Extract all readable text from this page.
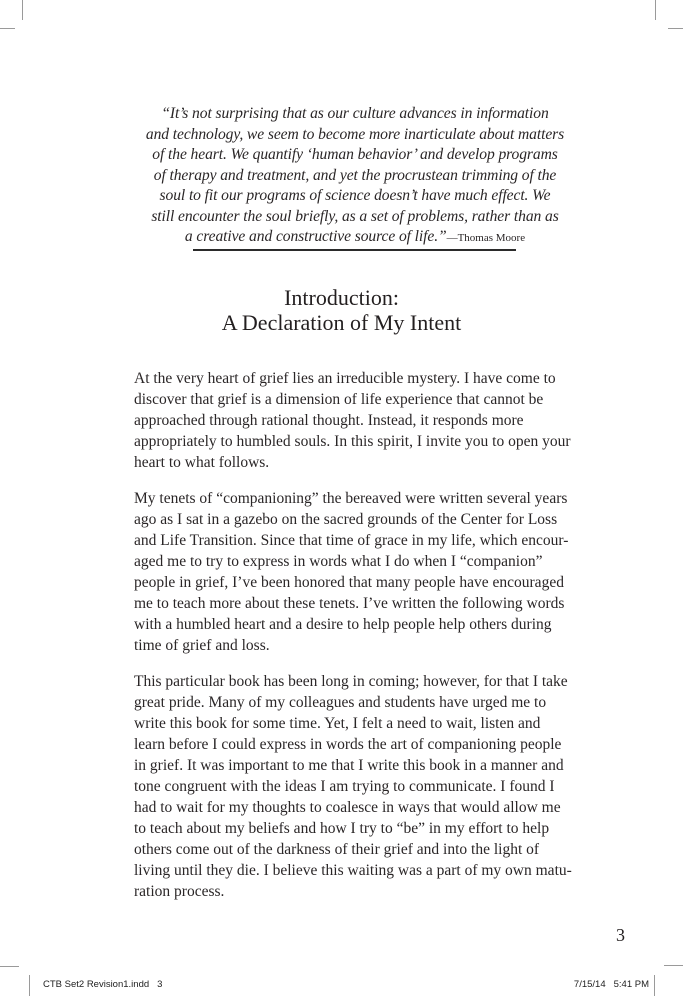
“It’s not surprising that as our culture advances in information
and technology, we seem to become more inarticulate about matters
of the heart. We quantify ‘human behavior’ and develop programs
of therapy and treatment, and yet the procrustean trimming of the
soul to fit our programs of science doesn’t have much effect. We
still encounter the soul briefly, as a set of problems, rather than as
a creative and constructive source of life.”—Thomas Moore
Introduction:
A Declaration of My Intent

At the very heart of grief lies an irreducible mystery. I have come to
discover that grief is a dimension of life experience that cannot be
approached through rational thought. Instead, it responds more
appropriately to humbled souls. In this spirit, I invite you to open your
heart to what follows.

My tenets of “companioning” the bereaved were written several years
ago as I sat in a gazebo on the sacred grounds of the Center for Loss
and Life Transition. Since that time of grace in my life, which encour-
aged me to try to express in words what I do when I “companion”
people in grief, I’ve been honored that many people have encouraged
me to teach more about these tenets. I’ve written the following words
with a humbled heart and a desire to help people help others during
time of grief and loss.

This particular book has been long in coming; however, for that I take
great pride. Many of my colleagues and students have urged me to
write this book for some time. Yet, I felt a need to wait, listen and
learn before I could express in words the art of companioning people
in grief. It was important to me that I write this book in a manner and
tone congruent with the ideas I am trying to communicate. I found I
had to wait for my thoughts to coalesce in ways that would allow me
to teach about my beliefs and how I try to “be” in my effort to help
others come out of the darkness of their grief and into the light of
living until they die. I believe this waiting was a part of my own matu-
ration process.

3
CTB Set2 Revision1.indd 3	7/15/14 5:41 PM
